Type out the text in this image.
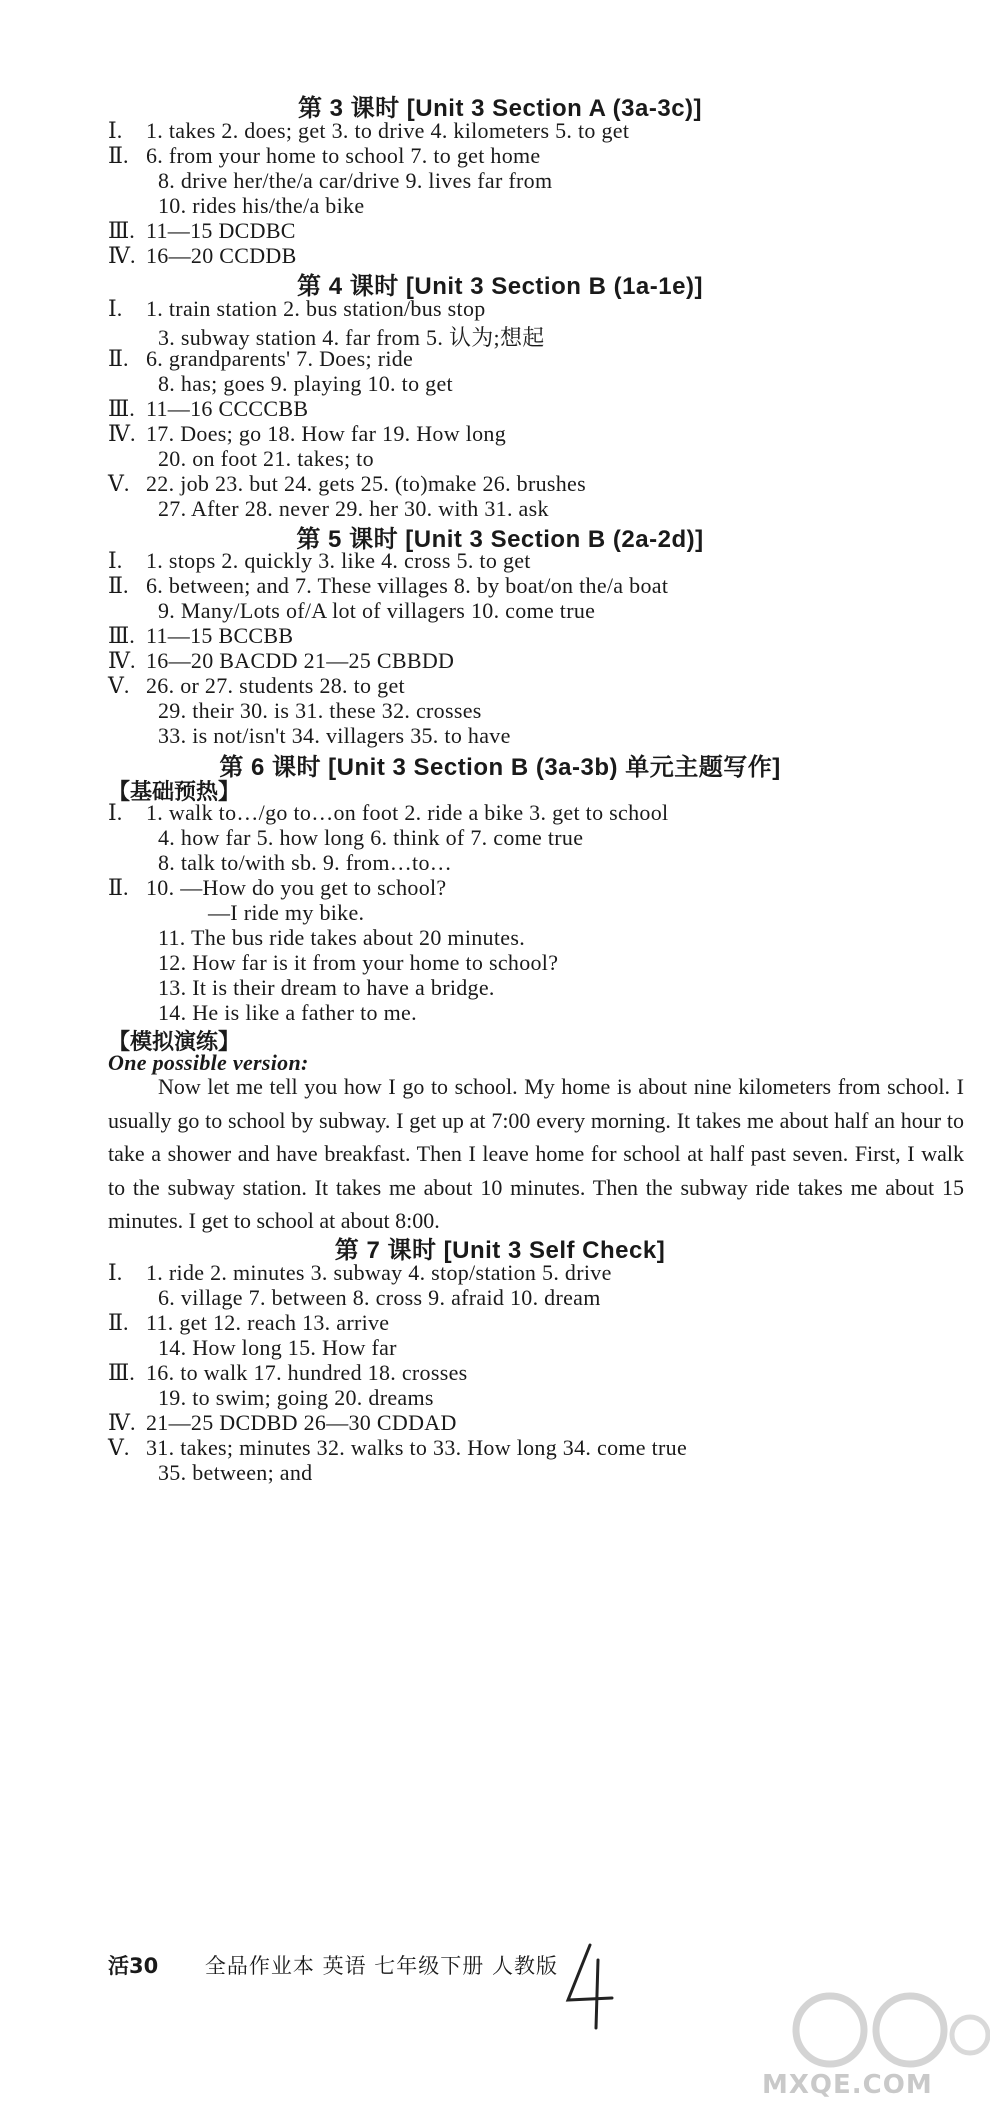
第 3 课时 [Unit 3 Section A (3a-3c)]
Ⅰ. 1. takes 2. does; get 3. to drive 4. kilometers 5. to get
Ⅱ. 6. from your home to school 7. to get home
8. drive her/the/a car/drive 9. lives far from
10. rides his/the/a bike
Ⅲ. 11—15 DCDBC
Ⅳ. 16—20 CCDDB
第 4 课时 [Unit 3 Section B (1a-1e)]
Ⅰ. 1. train station 2. bus station/bus stop
3. subway station 4. far from 5. 认为;想起
Ⅱ. 6. grandparents' 7. Does; ride
8. has; goes 9. playing 10. to get
Ⅲ. 11—16 CCCCBB
Ⅳ. 17. Does; go 18. How far 19. How long
20. on foot 21. takes; to
Ⅴ. 22. job 23. but 24. gets 25. (to)make 26. brushes
27. After 28. never 29. her 30. with 31. ask
第 5 课时 [Unit 3 Section B (2a-2d)]
Ⅰ. 1. stops 2. quickly 3. like 4. cross 5. to get
Ⅱ. 6. between; and 7. These villages 8. by boat/on the/a boat
9. Many/Lots of/A lot of villagers 10. come true
Ⅲ. 11—15 BCCBB
Ⅳ. 16—20 BACDD 21—25 CBBDD
Ⅴ. 26. or 27. students 28. to get
29. their 30. is 31. these 32. crosses
33. is not/isn't 34. villagers 35. to have
第 6 课时 [Unit 3 Section B (3a-3b) 单元主题写作]
【基础预热】
Ⅰ. 1. walk to…/go to…on foot 2. ride a bike 3. get to school
4. how far 5. how long 6. think of 7. come true
8. talk to/with sb. 9. from…to…
Ⅱ. 10. —How do you get to school?
—I ride my bike.
11. The bus ride takes about 20 minutes.
12. How far is it from your home to school?
13. It is their dream to have a bridge.
14. He is like a father to me.
【模拟演练】
One possible version:
Now let me tell you how I go to school. My home is about nine kilometers from school. I usually go to school by subway. I get up at 7:00 every morning. It takes me about half an hour to take a shower and have breakfast. Then I leave home for school at half past seven. First, I walk to the subway station. It takes me about 10 minutes. Then the subway ride takes me about 15 minutes. I get to school at about 8:00.
第 7 课时 [Unit 3 Self Check]
Ⅰ. 1. ride 2. minutes 3. subway 4. stop/station 5. drive
6. village 7. between 8. cross 9. afraid 10. dream
Ⅱ. 11. get 12. reach 13. arrive
14. How long 15. How far
Ⅲ. 16. to walk 17. hundred 18. crosses
19. to swim; going 20. dreams
Ⅳ. 21—25 DCDBD 26—30 CDDAD
Ⅴ. 31. takes; minutes 32. walks to 33. How long 34. come true
35. between; and
活30 全品作业本 英语 七年级下册 人教版
MXQE.COM
